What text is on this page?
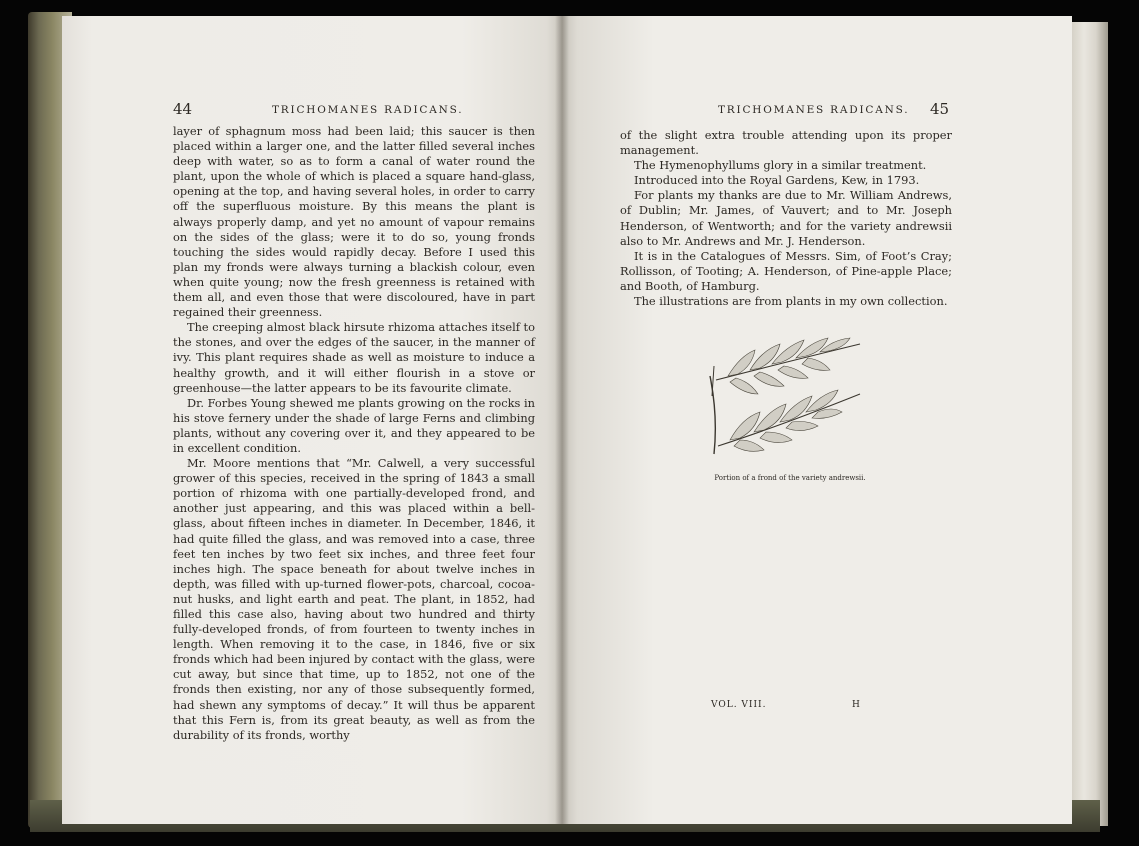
44	TRICHOMANES RADICANS.

layer of sphagnum moss had been laid; this saucer is then placed within a larger one, and the latter filled several inches deep with water, so as to form a canal of water round the plant, upon the whole of which is placed a square hand-glass, opening at the top, and having several holes, in order to carry off the superfluous moisture. By this means the plant is always properly damp, and yet no amount of vapour remains on the sides of the glass; were it to do so, young fronds touching the sides would rapidly decay. Before I used this plan my fronds were always turning a blackish colour, even when quite young; now the fresh greenness is retained with them all, and even those that were discoloured, have in part regained their greenness.

The creeping almost black hirsute rhizoma attaches itself to the stones, and over the edges of the saucer, in the manner of ivy. This plant requires shade as well as moisture to induce a healthy growth, and it will either flourish in a stove or greenhouse—the latter appears to be its favourite climate.

Dr. Forbes Young shewed me plants growing on the rocks in his stove fernery under the shade of large Ferns and climbing plants, without any covering over it, and they appeared to be in excellent condition.

Mr. Moore mentions that “Mr. Calwell, a very successful grower of this species, received in the spring of 1843 a small portion of rhizoma with one partially-developed frond, and another just appearing, and this was placed within a bell-glass, about fifteen inches in diameter. In December, 1846, it had quite filled the glass, and was removed into a case, three feet ten inches by two feet six inches, and three feet four inches high. The space beneath for about twelve inches in depth, was filled with up-turned flower-pots, charcoal, cocoa-nut husks, and light earth and peat. The plant, in 1852, had filled this case also, having about two hundred and thirty fully-developed fronds, of from fourteen to twenty inches in length. When removing it to the case, in 1846, five or six fronds which had been injured by contact with the glass, were cut away, but since that time, up to 1852, not one of the fronds then existing, nor any of those subsequently formed, had shewn any symptoms of decay.” It will thus be apparent that this Fern is, from its great beauty, as well as from the durability of its fronds, worthy

TRICHOMANES RADICANS. 45

of the slight extra trouble attending upon its proper management.

The Hymenophyllums glory in a similar treatment.

Introduced into the Royal Gardens, Kew, in 1793.

For plants my thanks are due to Mr. William Andrews, of Dublin; Mr. James, of Vauvert; and to Mr. Joseph Henderson, of Wentworth; and for the variety andrewsii also to Mr. Andrews and Mr. J. Henderson.

It is in the Catalogues of Messrs. Sim, of Foot’s Cray; Rollisson, of Tooting; A. Henderson, of Pine-apple Place; and Booth, of Hamburg.

The illustrations are from plants in my own collection.

Portion of a frond of the variety andrewsii.
VOL. VIII.	H
